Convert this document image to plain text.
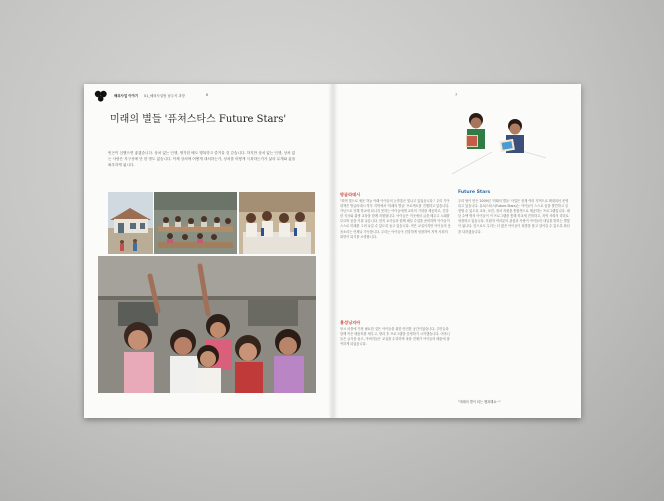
해외사업 이야기 01_해외사업팀 남우석 과장	6	7
미래의 별들 '퓨쳐스타스 Future Stars'
빈곤이 심했으면 좋겠습니다. 상처 없는 인생, 생각한 배도 행복하고 즐거울 것 같습니다. 하지만 상처 없는 인생, 상처 없는 사람은 지구상에 단 한 명도 없습니다. 이제 상처에 어떻게 대처하는가, 상처를 어떻게 극복하는가가 삶의 무게와 삶을 좌우하게 됩니다.
방글라데시
"회색 빛으로 채운 하늘 아래 아이들의 눈망울은 빛나고 있었습니다." 우리 기아대책은 방글라데시 북부 지역에서 '미래의 별들' 프로젝트를 진행하고 있습니다. 가난으로 인해 학교에 다니지 못하는 아이들에게 교육의 기회를 제공하고, 건강한 식사와 위생 교육을 함께 지원합니다. 아이들은 이곳에서 글을 배우고 노래를 부르며 꿈을 키워 나갑니다. 현지 교사들과 함께 매일 수업을 준비하며 아이들이 스스로 미래를 그려 나갈 수 있도록 돕고 있습니다. 작은 교실이지만 아이들의 웃음소리는 언제나 가득합니다. 우리는 아이들이 건강하게 성장하여 지역 사회의 희망이 되기를 소망합니다.
홍성닝지아
당시 마을에 가장 필요한 것은 아이들을 위한 안전한 공간이었습니다. 주민들과 함께 작은 배움터를 세우고, 방과 후 프로그램을 운영하기 시작했습니다. 어머니들은 급식을 돕고, 아버지들은 교실을 수리하며 마을 전체가 아이들의 배움에 참여하게 되었습니다.
Future Stars
우리 팀이 만든 2009년 '미래의 별들' 사업은 현재 여러 지역으로 확대되어 운영되고 있습니다. 퓨쳐스타스(Future Stars)는 아이들이 스스로 꿈을 발견하고 실현할 수 있도록 교육, 보건, 정서 지원을 통합적으로 제공하는 프로그램입니다. 매년 수백 명의 아이들이 이 프로그램을 통해 학교에 진학하고, 지역 사회의 리더로 성장하고 있습니다. 후원자 여러분의 관심과 사랑이 아이들의 내일을 밝히는 별빛이 됩니다. 앞으로도 우리는 더 많은 아이들이 희망을 품고 살아갈 수 있도록 최선을 다하겠습니다.
"미래의 별이 되는 행복해요~"
